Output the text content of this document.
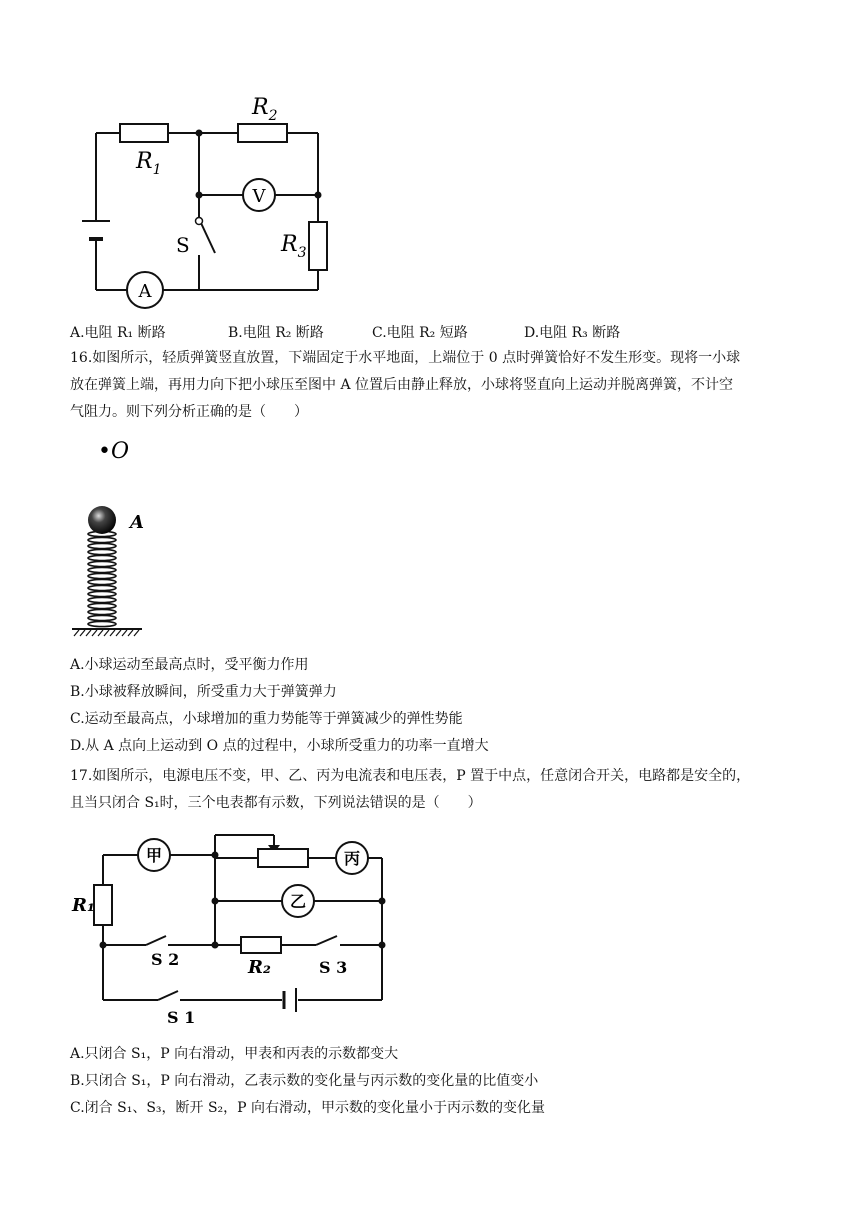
$R_2$
$R_1$
$R_3$
S
V
A
A.电阻 R₁ 断路	B.电阻 R₂ 断路	C.电阻 R₂ 短路	D.电阻 R₃ 断路
16.如图所示，轻质弹簧竖直放置，下端固定于水平地面，上端位于 0 点时弹簧恰好不发生形变。现将一小球
放在弹簧上端，再用力向下把小球压至图中 A 位置后由静止释放，小球将竖直向上运动并脱离弹簧，不计空
气阻力。则下列分析正确的是（　　）
•O
A
A.小球运动至最高点时，受平衡力作用
B.小球被释放瞬间，所受重力大于弹簧弹力
C.运动至最高点，小球增加的重力势能等于弹簧减少的弹性势能
D.从 A 点向上运动到 O 点的过程中，小球所受重力的功率一直增大
17.如图所示，电源电压不变，甲、乙、丙为电流表和电压表，P 置于中点，任意闭合开关，电路都是安全的，
且当只闭合 S₁时，三个电表都有示数，下列说法错误的是（　　）
甲
乙
丙
R₁
R₂
S 2	S 3
S 1
A.只闭合 S₁，P 向右滑动，甲表和丙表的示数都变大
B.只闭合 S₁，P 向右滑动，乙表示数的变化量与丙示数的变化量的比值变小
C.闭合 S₁、S₃，断开 S₂，P 向右滑动，甲示数的变化量小于丙示数的变化量
